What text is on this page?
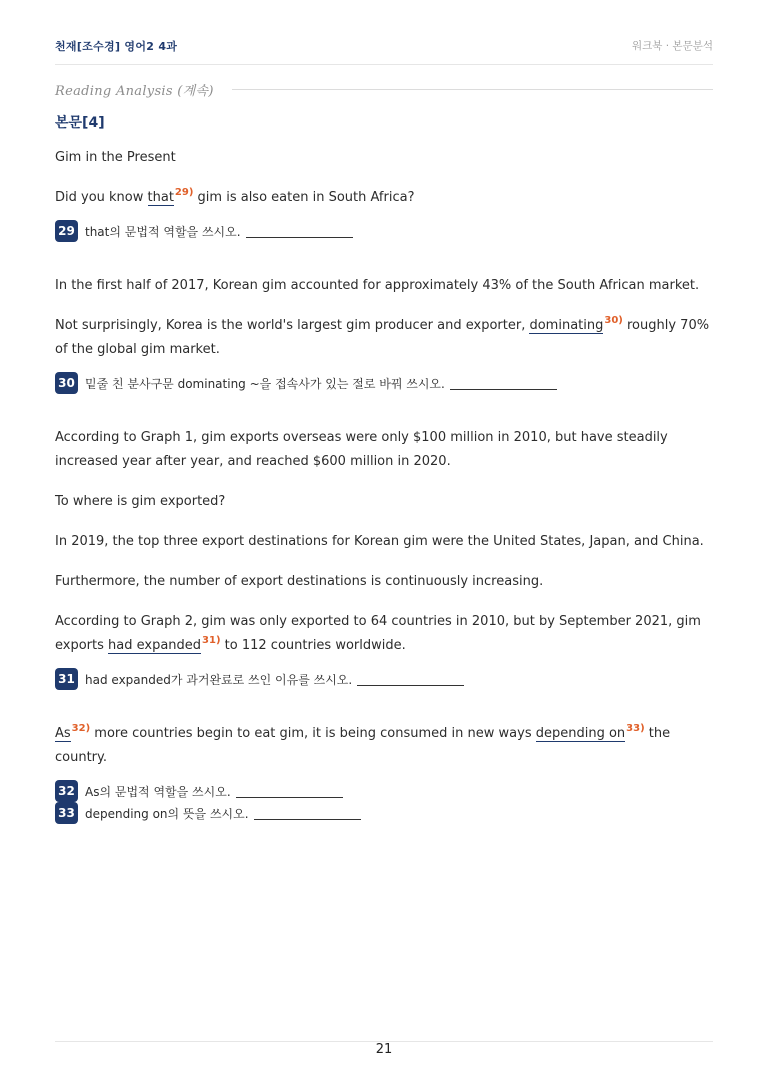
천재[조수경] 영어2 4과	워크북 · 본문분석
Reading Analysis (계속)
본문[4]

Gim in the Present

Did you know that$^{29)}$ gim is also eaten in South Africa?

29 that의 문법적 역할을 쓰시오.

In the first half of 2017, Korean gim accounted for approximately 43% of the South African market.

Not surprisingly, Korea is the world's largest gim producer and exporter, dominating$^{30)}$ roughly 70% of the global gim market.

30 밑줄 친 분사구문 dominating ~을 접속사가 있는 절로 바꿔 쓰시오.

According to Graph 1, gim exports overseas were only $100 million in 2010, but have steadily increased year after year, and reached $600 million in 2020.

To where is gim exported?

In 2019, the top three export destinations for Korean gim were the United States, Japan, and China.

Furthermore, the number of export destinations is continuously increasing.

According to Graph 2, gim was only exported to 64 countries in 2010, but by September 2021, gim exports had expanded$^{31)}$ to 112 countries worldwide.

31 had expanded가 과거완료로 쓰인 이유를 쓰시오.

As$^{32)}$ more countries begin to eat gim, it is being consumed in new ways depending $on^{33)}$ the country.

32 As의 문법적 역할을 쓰시오.
33 depending on의 뜻을 쓰시오.
21
